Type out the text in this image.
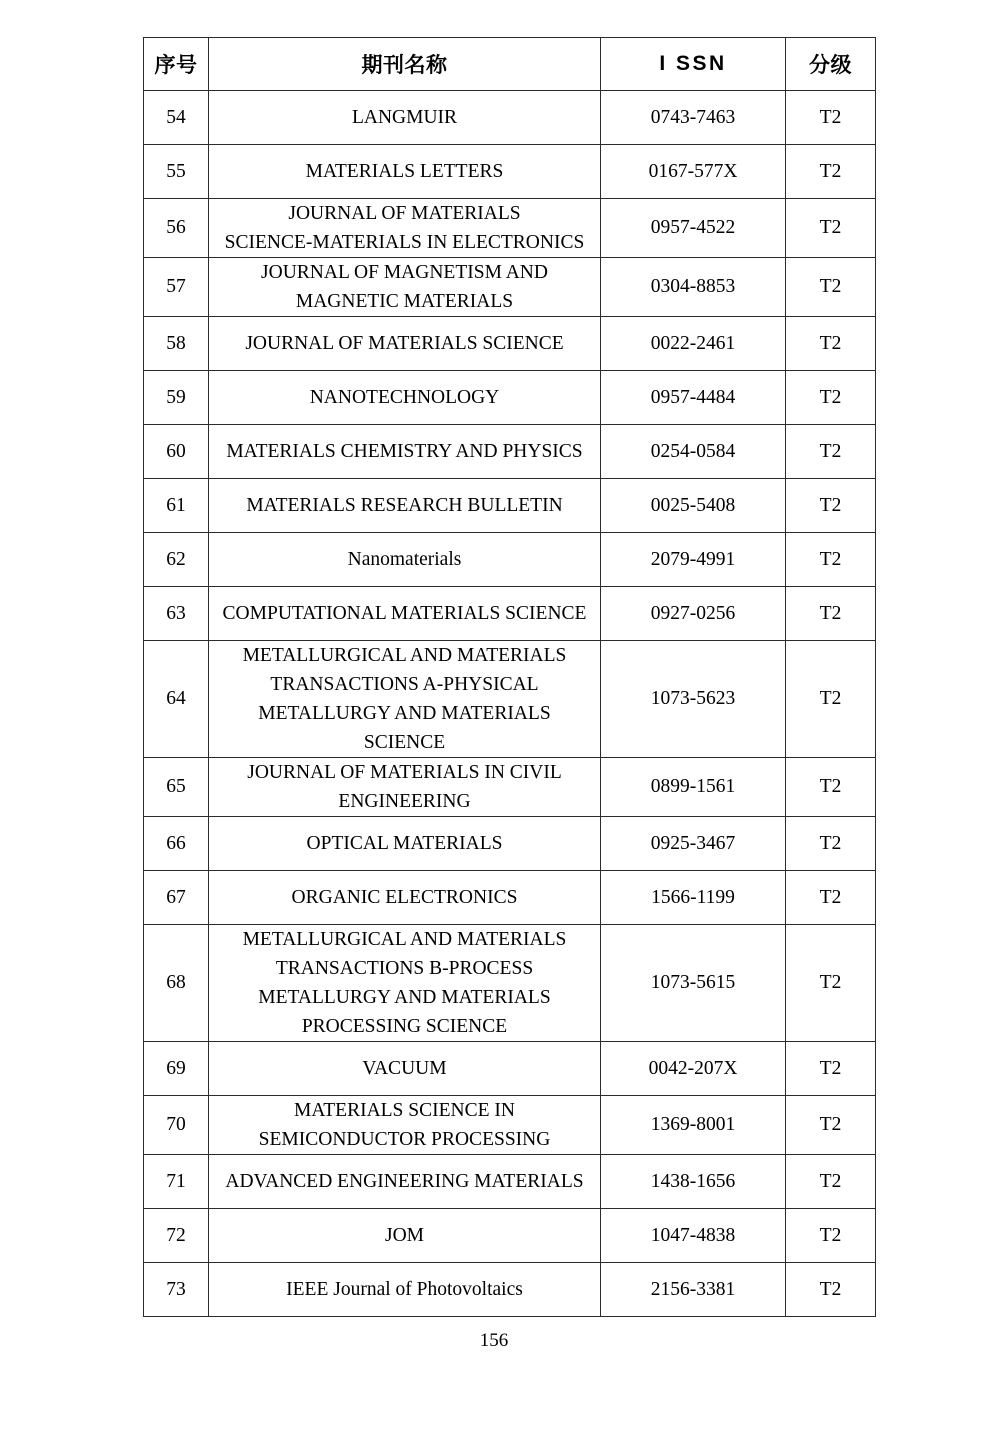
序号	期刊名称	I SSN	分级
54	LANGMUIR	0743-7463	T2
55	MATERIALS LETTERS	0167-577X	T2
56	JOURNAL OF MATERIALS
SCIENCE-MATERIALS IN ELECTRONICS	0957-4522	T2
57	JOURNAL OF MAGNETISM AND
MAGNETIC MATERIALS	0304-8853	T2
58	JOURNAL OF MATERIALS SCIENCE	0022-2461	T2
59	NANOTECHNOLOGY	0957-4484	T2
60	MATERIALS CHEMISTRY AND PHYSICS	0254-0584	T2
61	MATERIALS RESEARCH BULLETIN	0025-5408	T2
62	Nanomaterials	2079-4991	T2
63	COMPUTATIONAL MATERIALS SCIENCE	0927-0256	T2
64	METALLURGICAL AND MATERIALS
TRANSACTIONS A-PHYSICAL
METALLURGY AND MATERIALS
SCIENCE	1073-5623	T2
65	JOURNAL OF MATERIALS IN CIVIL
ENGINEERING	0899-1561	T2
66	OPTICAL MATERIALS	0925-3467	T2
67	ORGANIC ELECTRONICS	1566-1199	T2
68	METALLURGICAL AND MATERIALS
TRANSACTIONS B-PROCESS
METALLURGY AND MATERIALS
PROCESSING SCIENCE	1073-5615	T2
69	VACUUM	0042-207X	T2
70	MATERIALS SCIENCE IN
SEMICONDUCTOR PROCESSING	1369-8001	T2
71	ADVANCED ENGINEERING MATERIALS	1438-1656	T2
72	JOM	1047-4838	T2
73	IEEE Journal of Photovoltaics	2156-3381	T2
156
